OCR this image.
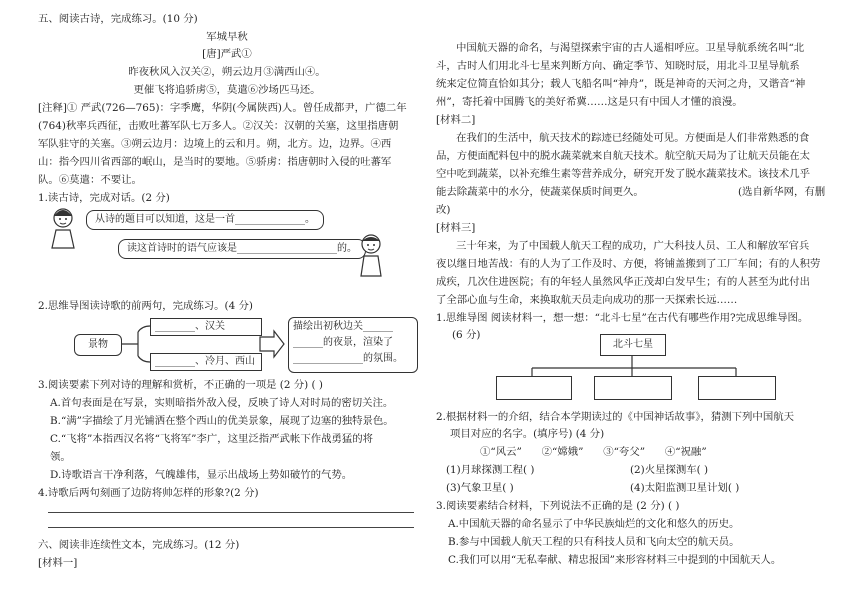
五、阅读古诗，完成练习。(10 分)
军城早秋
[唐]严武①
昨夜秋风入汉关②，朔云边月③满西山④。
更催飞将追骄虏⑤，莫遣⑥沙场匹马还。
[注释]① 严武(726—765)：字季鹰，华阴(今属陕西)人。曾任成都尹，广德二年
(764)秋率兵西征，击败吐蕃军队七万多人。②汉关：汉朝的关塞，这里指唐朝
军队驻守的关塞。③朔云边月：边境上的云和月。朔，北方。边，边界。④西
山：指今四川省西部的岷山，是当时的要地。⑤骄虏：指唐朝时入侵的吐蕃军
队。⑥莫遣：不要让。
1.读古诗，完成对话。(2 分)
从诗的题目可以知道，这是一首______________。
读这首诗时的语气应该是____________________的。
2.思维导图读诗歌的前两句，完成练习。(4 分)
景物
________、汉关
________、冷月、西山
描绘出初秋边关______
______的夜景，渲染了
______________的氛围。
3.阅读要素下列对诗的理解和赏析，不正确的一项是 (2 分) ( )
A.首句表面是在写景，实则暗指外敌入侵，反映了诗人对时局的密切关注。
B.“满”字描绘了月光铺洒在整个西山的优美景象，展现了边塞的独特景色。
C.“飞将”本指西汉名将“飞将军”李广，这里泛指严武帐下作战勇猛的将
领。
D.诗歌语言干净利落，气魄雄伟，显示出战场上势如破竹的气势。
4.诗歌后两句刻画了边防将帅怎样的形象?(2 分)
六、阅读非连续性文本，完成练习。(12 分)
[材料一]
中国航天器的命名，与渴望探索宇宙的古人遥相呼应。卫星导航系统名叫“北
斗，古时人们用北斗七星来判断方向、确定季节、知晓时辰，用北斗卫星导航系
统来定位简直恰如其分；载人飞船名叫“神舟”，既是神奇的天河之舟，又谐音“神
州”，寄托着中国腾飞的美好希冀……这是只有中国人才懂的浪漫。
[材料二]
在我们的生活中，航天技术的踪迹已经随处可见。方便面是人们非常熟悉的食
品，方便面配料包中的脱水蔬菜就来自航天技术。航空航天局为了让航天员能在太
空中吃到蔬菜，以补充维生素等营养成分，研究开发了脱水蔬菜技术。该技术几乎
能去除蔬菜中的水分，使蔬菜保质时间更久。	(选自新华网，有删
改)
[材料三]
三十年来，为了中国载人航天工程的成功，广大科技人员、工人和解放军官兵
夜以继日地苦战：有的人为了工作及时、方便，将铺盖搬到了工厂车间；有的人积劳
成疾，几次住进医院；有的年轻人虽然风华正茂却白发早生；有的人甚至为此付出
了全部心血与生命，来换取航天员走向成功的那一天探索长远……
1.思维导图 阅读材料一，想一想：“北斗七星”在古代有哪些作用?完成思维导图。
(6 分)
北斗七星
2.根据材料一的介绍，结合本学期读过的《中国神话故事》，猜测下列中国航天
项目对应的名字。(填序号) (4 分)
①“风云”      ②“嫦娥”      ③“夸父”      ④“祝融”
(1)月球探测工程( )	(2)火星探测车( )
(3)气象卫星( )	(4)太阳监测卫星计划( )
3.阅读要素结合材料，下列说法不正确的是 (2 分) ( )
A.中国航天器的命名显示了中华民族灿烂的文化和悠久的历史。
B.参与中国载人航天工程的只有科技人员和飞向太空的航天员。
C.我们可以用“无私奉献、精忠报国”来形容材料三中提到的中国航天人。
